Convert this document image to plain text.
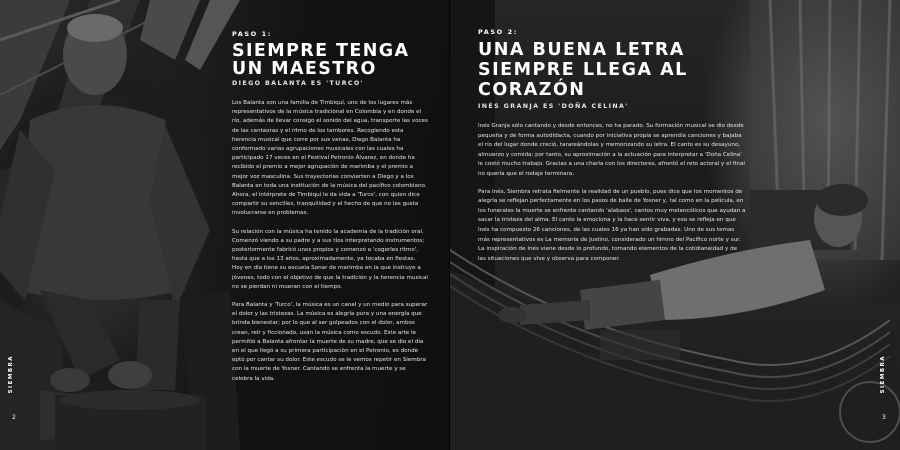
PASO 1:

SIEMPRE TENGA UN MAESTRO

DIEGO BALANTA ES 'TURCO'

Los Balanta son una familia de Timbiquí, uno de los lugares más representativos de la música tradicional en Colombia y en donde el río, además de llevar consigo el sonido del agua, transporte las voces de las cantaoras y el ritmo de los tambores. Recogiendo esta herencia musical que corre por sus venas, Diego Balanta ha conformado varias agrupaciones musicales con las cuales ha participado 17 veces en el Festival Petronio Álvarez, en donde ha recibido el premio a mejor agrupación de marimba y el premio a mejor voz masculina. Sus trayectorias convierten a Diego y a los Balanta en toda una institución de la música del pacífico colombiano. Ahora, el intérprete de Timbiquí le da vida a 'Turco', con quien dice compartir su sencillez, tranquilidad y el hecho de que no les gusta involucrarse en problemas.

Su relación con la música ha tenido la academia de la tradición oral. Comenzó viendo a su padre y a sus tíos interpretando instrumentos; posteriormente fabricó unos propios y comenzó a 'cogerles ritmo', hasta que a los 13 años, aproximadamente, ya tocaba en fiestas. Hoy en día tiene su escuela Sonar de marimba en la que instruye a jóvenes, todo con el objetivo de que la tradición y la herencia musical no se pierdan ni mueran con el tiempo.

Para Balanta y 'Turco', la música es un canal y un medio para superar el dolor y las tristezas. La música es alegría pura y una energía que brinda bienestar; por lo que al ser golpeados con el dolor, ambos crean, reír y ficcionado, usan la música como escudo. Este arte le permitió a Balanta afrontar la muerte de su madre, que se dio el día en el que llegó a su primera participación en el Petronio, es donde optó por cantar su dolor. Este escudo se le vemos repetir en Siembra con la muerte de Yosner. Cantando se enfrenta la muerte y se celebra la vida.

SIEMBRA
2

PASO 2:

UNA BUENA LETRA SIEMPRE LLEGA AL CORAZÓN

INÉS GRANJA ES 'DOÑA CELINA'

Inés Granja sólo cantando y desde entonces, no ha parado. Su formación musical se dio desde pequeña y de forma autodidacta, cuando por iniciativa propia se aprendía canciones y bajaba el río del lugar donde creció, tarareándolas y memorizando su letra. El canto es su desayuno, almuerzo y comida; por tanto, su aproximación a la actuación para interpretar a 'Doña Celina' le costó mucho trabajo. Gracias a una charla con los directores, afrontó el reto actoral y el final no quería que el rodaje terminara.

Para Inés, Siembra retrata fielmente la realidad de un pueblo, pues dice que los momentos de alegría se reflejan perfectamente en los pasos de baile de Yosner y, tal como en la película, en los funerales la muerte se enfrente cantando 'alabaos', cantos muy melancólicos que ayudan a sacar la tristeza del alma. El canto la emociona y la hace sentir viva, y eso se refleja en que Inés ha compuesto 26 canciones, de las cuales 16 ya han sido grabadas. Uno de sus temas más representativos es La memoria de Justino, considerado un himno del Pacífico norte y sur. La inspiración de Inés viene desde lo profundo, tomando elementos de la cotidianeidad y de las situaciones que vive y observa para componer.

SIEMBRA
3
